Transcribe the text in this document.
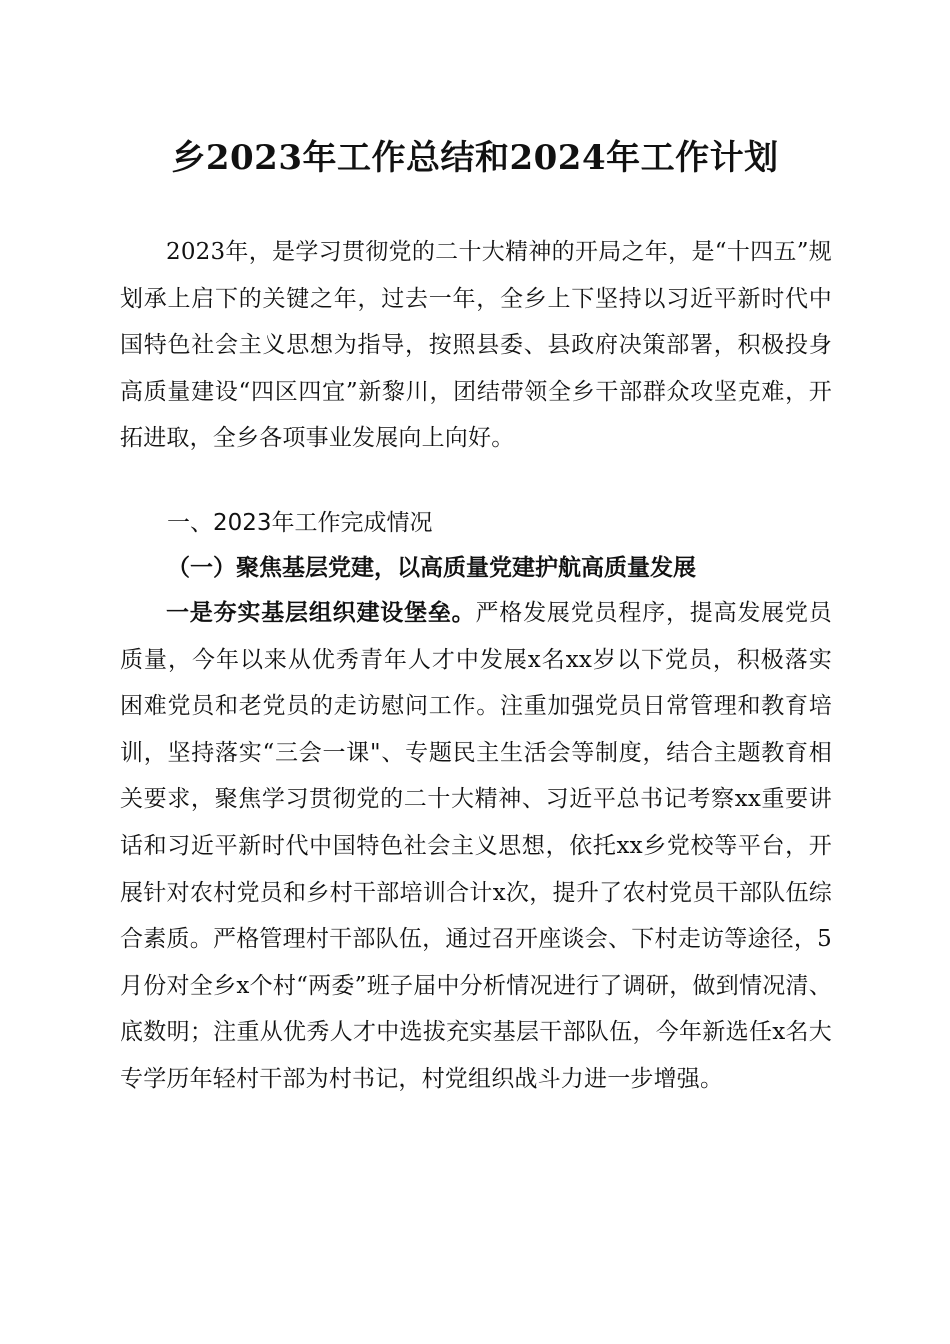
乡2023年工作总结和2024年工作计划
2023年，是学习贯彻党的二十大精神的开局之年，是“十四五”规划承上启下的关键之年，过去一年，全乡上下坚持以习近平新时代中国特色社会主义思想为指导，按照县委、县政府决策部署，积极投身高质量建设“四区四宜”新黎川，团结带领全乡干部群众攻坚克难，开拓进取，全乡各项事业发展向上向好。
一、2023年工作完成情况
（一）聚焦基层党建，以高质量党建护航高质量发展
一是夯实基层组织建设堡垒。严格发展党员程序，提高发展党员质量，今年以来从优秀青年人才中发展x名xx岁以下党员，积极落实困难党员和老党员的走访慰问工作。注重加强党员日常管理和教育培训，坚持落实“三会一课"、专题民主生活会等制度，结合主题教育相关要求，聚焦学习贯彻党的二十大精神、习近平总书记考察xx重要讲话和习近平新时代中国特色社会主义思想，依托xx乡党校等平台，开展针对农村党员和乡村干部培训合计x次，提升了农村党员干部队伍综合素质。严格管理村干部队伍，通过召开座谈会、下村走访等途径，5月份对全乡x个村“两委”班子届中分析情况进行了调研，做到情况清、底数明；注重从优秀人才中选拔充实基层干部队伍，今年新选任x名大专学历年轻村干部为村书记，村党组织战斗力进一步增强。
